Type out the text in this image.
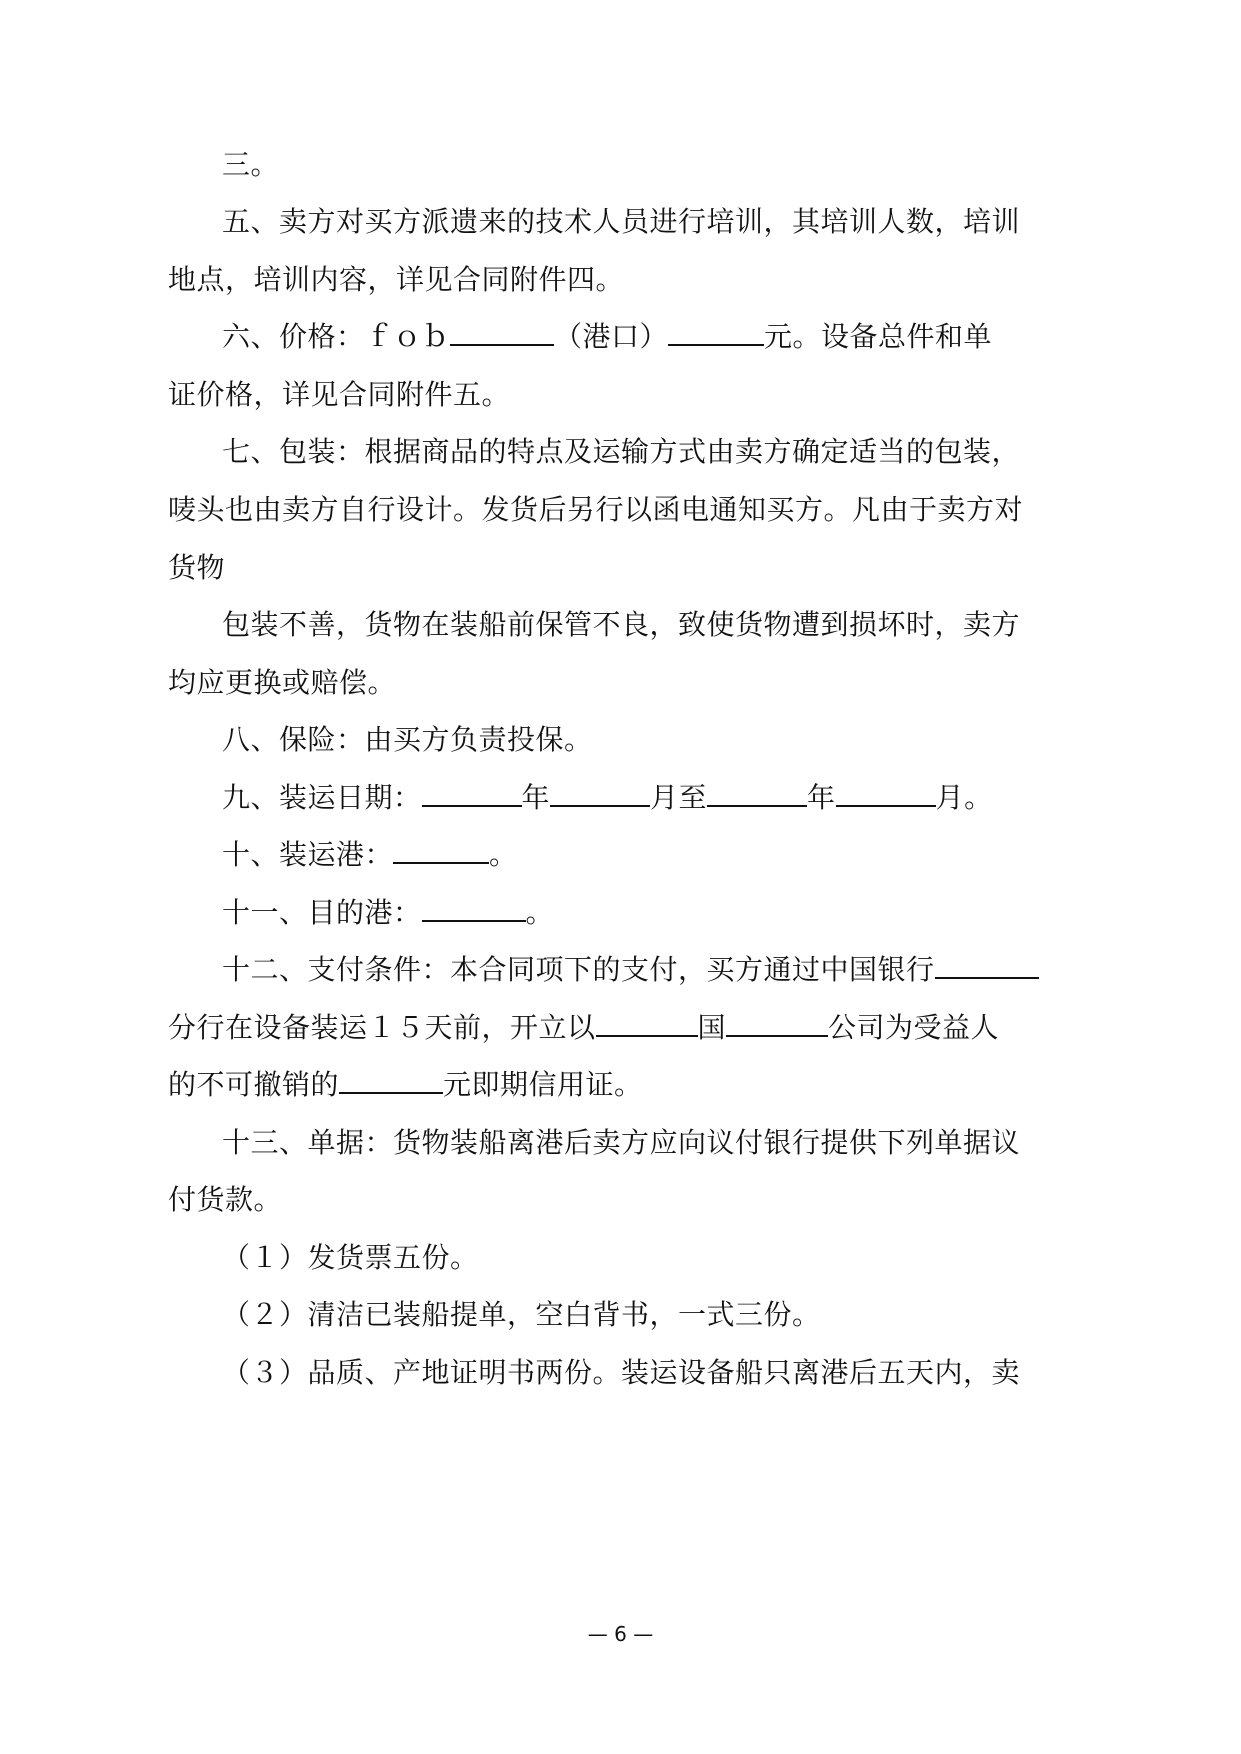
三。
五、卖方对买方派遗来的技术人员进行培训，其培训人数，培训
地点，培训内容，详见合同附件四。
六、价格：ｆｏｂ	（港口）	元。设备总件和单
证价格，详见合同附件五。
七、包装：根据商品的特点及运输方式由卖方确定适当的包装，
唛头也由卖方自行设计。发货后另行以函电通知买方。凡由于卖方对
货物
包装不善，货物在装船前保管不良，致使货物遭到损坏时，卖方
均应更换或赔偿。
八、保险：由买方负责投保。
九、装运日期：	年	月至	年	月。
十、装运港：	。
十一、目的港：	。
十二、支付条件：本合同项下的支付，买方通过中国银行
分行在设备装运１５天前，开立以	国	公司为受益人
的不可撤销的	元即期信用证。
十三、单据：货物装船离港后卖方应向议付银行提供下列单据议
付货款。
（１）发货票五份。
（２）清洁已装船提单，空白背书，一式三份。
（３）品质、产地证明书两份。装运设备船只离港后五天内，卖
— 6 —
